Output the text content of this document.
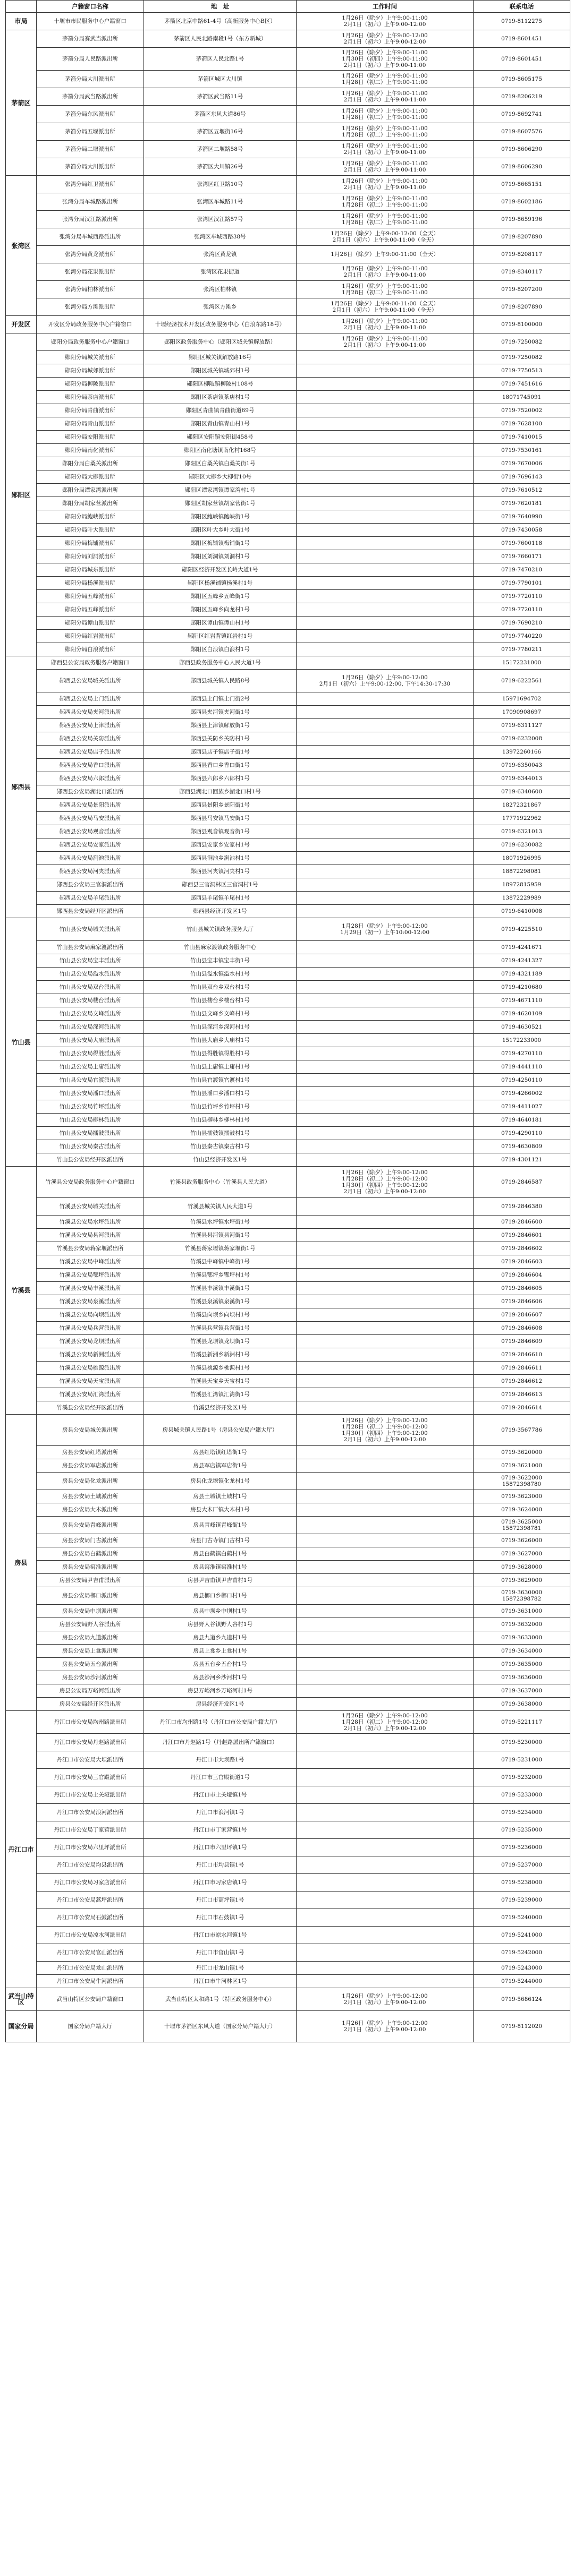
	户籍窗口名称	地　址	工作时间	联系电话
市局	十堰市市民服务中心户籍窗口	茅箭区北京中路61-4号（高新服务中心B区）	1月26日（除夕）上午9:00-11:00
2月1日（初六）上午9:00-12:00	0719-8112275
茅箭区	茅箭分局赛武当派出所	茅箭区人民北路南段1号（东方新城）	1月26日（除夕）上午9:00-12:00
2月1日（初六）上午9:00-12:00	0719-8601451
	茅箭分局人民路派出所	茅箭区人民北路1号	1月26日（除夕）上午9:00-11:00
1月30日（初四）上午9:00-11:00
2月1日（初六）上午9:00-11:00	0719-8601451
	茅箭分局大川派出所	茅箭区城区大川镇	1月26日（除夕）上午9:00-11:00
1月28日（初二）上午9:00-11:00	0719-8605175
	茅箭分局武当路派出所	茅箭区武当路11号	1月26日（除夕）上午9:00-11:00
2月1日（初六）上午9:00-11:00	0719-8206219
	茅箭分局东风派出所	茅箭区东风大道86号	1月26日（除夕）上午9:00-11:00
1月28日（初二）上午9:00-11:00	0719-8692741
	茅箭分局五堰派出所	茅箭区五堰街16号	1月26日（除夕）上午9:00-11:00
1月28日（初二）上午9:00-11:00	0719-8607576
	茅箭分局二堰派出所	茅箭区二堰路58号	1月26日（除夕）上午9:00-11:00
2月1日（初六）上午9:00-11:00	0719-8606290
	茅箭分局大川派出所	茅箭区大川镇26号	1月26日（除夕）上午9:00-11:00
2月1日（初六）上午9:00-11:00	0719-8606290
张湾区	张湾分局红卫派出所	张湾区红卫路10号	1月26日（除夕）上午9:00-11:00
2月1日（初六）上午9:00-11:00	0719-8665151
	张湾分局车城路派出所	张湾区车城路11号	1月26日（除夕）上午9:00-11:00
1月28日（初二）上午9:00-11:00	0719-8602186
	张湾分局汉江路派出所	张湾区汉江路57号	1月26日（除夕）上午9:00-11:00
1月28日（初二）上午9:00-11:00	0719-8659196
	张湾分局车城西路派出所	张湾区车城西路38号	1月26日（除夕）上午9:00-12:00（全天）
2月1日（初六）上午9:00-11:00（全天）	0719-8207890
	张湾分局黄龙派出所	张湾区黄龙镇	1月26日（除夕）上午9:00-11:00（全天）	0719-8208117
	张湾分局花果派出所	张湾区花果街道	1月26日（除夕）上午9:00-11:00
2月1日（初六）上午9:00-11:00	0719-8340117
	张湾分局柏林派出所	张湾区柏林镇	1月26日（除夕）上午9:00-11:00
1月28日（初二）上午9:00-11:00	0719-8207200
	张湾分局方滩派出所	张湾区方滩乡	1月26日（除夕）上午9:00-11:00（全天）
2月1日（初六）上午9:00-11:00（全天）	0719-8207890
开发区	开发区分局政务服务中心户籍窗口	十堰经济技术开发区政务服务中心（白浪东路18号）	1月26日（除夕）上午9:00-11:00
2月1日（初六）上午9:00-11:00	0719-8100000
郧阳区	郧阳分局政务服务中心户籍窗口	郧阳区政务服务中心（郧阳区城关镇解放路）	1月26日（除夕）上午9:00-11:00
2月1日（初六）上午9:00-11:00	0719-7250082
	郧阳分局城关派出所	郧阳区城关镇解放路16号		0719-7250082
	郧阳分局城郊派出所	郧阳区城关镇城郊村1号		0719-7750513
	郧阳分局柳陂派出所	郧阳区柳陂镇柳陂村108号		0719-7451616
	郧阳分局茶店派出所	郧阳区茶店镇茶店村1号		18071745091
	郧阳分局青曲派出所	郧阳区青曲镇青曲街道69号		0719-7520002
	郧阳分局青山派出所	郧阳区青山镇青山村1号		0719-7628100
	郧阳分局安阳派出所	郧阳区安阳镇安阳街458号		0719-7410015
	郧阳分局南化派出所	郧阳区南化塘镇南化村168号		0719-7530161
	郧阳分局白桑关派出所	郧阳区白桑关镇白桑关街1号		0719-7670006
	郧阳分局大柳派出所	郧阳区大柳乡大柳街10号		0719-7696143
	郧阳分局谭家湾派出所	郧阳区谭家湾镇谭家湾村1号		0719-7610512
	郧阳分局胡家营派出所	郧阳区胡家营镇胡家营街1号		0719-7620181
	郧阳分局鲍峡派出所	郧阳区鲍峡镇鲍峡街1号		0719-7640990
	郧阳分局叶大派出所	郧阳区叶大乡叶大街1号		0719-7430058
	郧阳分局梅铺派出所	郧阳区梅铺镇梅铺街1号		0719-7600118
	郧阳分局刘洞派出所	郧阳区刘洞镇刘洞村1号		0719-7660171
	郧阳分局城东派出所	郧阳区经济开发区长岭大道1号		0719-7470210
	郧阳分局杨溪派出所	郧阳区杨溪铺镇杨溪村1号		0719-7790101
	郧阳分局五峰派出所	郧阳区五峰乡五峰街1号		0719-7720110
	郧阳分局五峰派出所	郧阳区五峰乡向龙村1号		0719-7720110
	郧阳分局谭山派出所	郧阳区谭山镇谭山村1号		0719-7690210
	郧阳分局红岩派出所	郧阳区红岩背镇红岩村1号		0719-7740220
	郧阳分局白浪派出所	郧阳区白浪镇白浪村1号		0719-7780211
郧西县	郧西县公安局政务服务户籍窗口	郧西县政务服务中心人民大道1号		15172231000
	郧西县公安局城关派出所	郧西县城关镇人民路8号	1月26日（除夕）上午9:00-12:00
2月1日（初六）上午9:00-12:00, 下午14:30-17:30	0719-6222561
	郧西县公安局土门派出所	郧西县土门镇土门街2号		15971694702
	郧西县公安局夹河派出所	郧西县夹河镇夹河街1号		17090908697
	郧西县公安局上津派出所	郧西县上津镇解放街1号		0719-6311127
	郧西县公安局关防派出所	郧西县关防乡关防村1号		0719-6232008
	郧西县公安局店子派出所	郧西县店子镇店子街1号		13972260166
	郧西县公安局香口派出所	郧西县香口乡香口街1号		0719-6350043
	郧西县公安局六郎派出所	郧西县六郎乡六郎村1号		0719-6344013
	郧西县公安局湖北口派出所	郧西县湖北口回族乡湖北口村1号		0719-6340600
	郧西县公安局景阳派出所	郧西县景阳乡景阳街1号		18272321867
	郧西县公安局马安派出所	郧西县马安镇马安街1号		17771922962
	郧西县公安局观音派出所	郧西县观音镇观音街1号		0719-6321013
	郧西县公安局安家派出所	郧西县安家乡安家村1号		0719-6230082
	郧西县公安局涧池派出所	郧西县涧池乡涧池村1号		18071926995
	郧西县公安局河夹派出所	郧西县河夹镇河夹村1号		18872298081
	郧西县公安局三官洞派出所	郧西县三官洞林区三官洞村1号		18972815959
	郧西县公安局羊尾派出所	郧西县羊尾镇羊尾村1号		13872229989
	郧西县公安局经开区派出所	郧西县经济开发区1号		0719-6410008
竹山县	竹山县公安局城关派出所	竹山县城关镇政务服务大厅	1月28日（除夕）上午9:00-12:00
1月29日（初一）上午10:00-12:00	0719-4225510
	竹山县公安局麻家渡派出所	竹山县麻家渡镇政务服务中心		0719-4241671
	竹山县公安局宝丰派出所	竹山县宝丰镇宝丰街1号		0719-4241327
	竹山县公安局溢水派出所	竹山县溢水镇溢水村1号		0719-4321189
	竹山县公安局双台派出所	竹山县双台乡双台村1号		0719-4210680
	竹山县公安局楼台派出所	竹山县楼台乡楼台村1号		0719-4671110
	竹山县公安局文峰派出所	竹山县文峰乡文峰村1号		0719-4620109
	竹山县公安局深河派出所	竹山县深河乡深河村1号		0719-4630521
	竹山县公安局大庙派出所	竹山县大庙乡大庙村1号		15172233000
	竹山县公安局得胜派出所	竹山县得胜镇得胜村1号		0719-4270110
	竹山县公安局上庸派出所	竹山县上庸镇上庸村1号		0719-4441110
	竹山县公安局官渡派出所	竹山县官渡镇官渡村1号		0719-4250110
	竹山县公安局潘口派出所	竹山县潘口乡潘口村1号		0719-4266002
	竹山县公安局竹坪派出所	竹山县竹坪乡竹坪村1号		0719-4411027
	竹山县公安局柳林派出所	竹山县柳林乡柳林村1号		0719-4640181
	竹山县公安局擂鼓派出所	竹山县擂鼓镇擂鼓村1号		0719-4290110
	竹山县公安局秦古派出所	竹山县秦古镇秦古村1号		0719-4630809
	竹山县公安局经开区派出所	竹山县经济开发区1号		0719-4301121
竹溪县	竹溪县公安局政务服务中心户籍窗口	竹溪县政务服务中心（竹溪县人民大道）	1月26日（除夕）上午9:00-12:00
1月28日（初二）上午9:00-12:00
1月30日（初四）上午9:00-12:00
2月1日（初六）上午9:00-12:00	0719-2846587
	竹溪县公安局城关派出所	竹溪县城关镇人民大道1号		0719-2846380
	竹溪县公安局水坪派出所	竹溪县水坪镇水坪街1号		0719-2846600
	竹溪县公安局县河派出所	竹溪县县河镇县河街1号		0719-2846601
	竹溪县公安局蒋家堰派出所	竹溪县蒋家堰镇蒋家堰街1号		0719-2846602
	竹溪县公安局中峰派出所	竹溪县中峰镇中峰街1号		0719-2846603
	竹溪县公安局鄂坪派出所	竹溪县鄂坪乡鄂坪村1号		0719-2846604
	竹溪县公安局丰溪派出所	竹溪县丰溪镇丰溪街1号		0719-2846605
	竹溪县公安局泉溪派出所	竹溪县泉溪镇泉溪街1号		0719-2846606
	竹溪县公安局向坝派出所	竹溪县向坝乡向坝村1号		0719-2846607
	竹溪县公安局兵营派出所	竹溪县兵营镇兵营街1号		0719-2846608
	竹溪县公安局龙坝派出所	竹溪县龙坝镇龙坝街1号		0719-2846609
	竹溪县公安局新洲派出所	竹溪县新洲乡新洲村1号		0719-2846610
	竹溪县公安局桃源派出所	竹溪县桃源乡桃源村1号		0719-2846611
	竹溪县公安局天宝派出所	竹溪县天宝乡天宝村1号		0719-2846612
	竹溪县公安局汇湾派出所	竹溪县汇湾镇汇湾街1号		0719-2846613
	竹溪县公安局经开区派出所	竹溪县经济开发区1号		0719-2846614
房县	房县公安局城关派出所	房县城关镇人民路1号（房县公安局户籍大厅）	1月26日（除夕）上午9:00-12:00
1月28日（初二）上午9:00-12:00
1月30日（初四）上午9:00-12:00
2月1日（初六）上午9:00-12:00	0719-3567786
	房县公安局红塔派出所	房县红塔镇红塔街1号		0719-3620000
	房县公安局军店派出所	房县军店镇军店街1号		0719-3621000
	房县公安局化龙派出所	房县化龙堰镇化龙村1号		0719-3622000
15872398780
	房县公安局土城派出所	房县土城镇土城村1号		0719-3623000
	房县公安局大木派出所	房县大木厂镇大木村1号		0719-3624000
	房县公安局青峰派出所	房县青峰镇青峰街1号		0719-3625000
15872398781
	房县公安局门古派出所	房县门古寺镇门古村1号		0719-3626000
	房县公安局白鹤派出所	房县白鹤镇白鹤村1号		0719-3627000
	房县公安局窑淮派出所	房县窑淮镇窑淮村1号		0719-3628000
	房县公安局尹吉甫派出所	房县尹吉甫镇尹吉甫村1号		0719-3629000
	房县公安局榔口派出所	房县榔口乡榔口村1号		0719-3630000
15872398782
	房县公安局中坝派出所	房县中坝乡中坝村1号		0719-3631000
	房县公安局野人谷派出所	房县野人谷镇野人谷村1号		0719-3632000
	房县公安局九道派出所	房县九道乡九道村1号		0719-3633000
	房县公安局上龛派出所	房县上龛乡上龛村1号		0719-3634000
	房县公安局五台派出所	房县五台乡五台村1号		0719-3635000
	房县公安局沙河派出所	房县沙河乡沙河村1号		0719-3636000
	房县公安局万峪河派出所	房县万峪河乡万峪河村1号		0719-3637000
	房县公安局经开区派出所	房县经济开发区1号		0719-3638000
丹江口市	丹江口市公安局均州路派出所	丹江口市均州路1号（丹江口市公安局户籍大厅）	1月26日（除夕）上午9:00-12:00
1月28日（初二）上午9:00-12:00
2月1日（初六）上午9:00-12:00	0719-5221117
	丹江口市公安局丹赵路派出所	丹江口市丹赵路1号（丹赵路派出所户籍窗口）		0719-5230000
	丹江口市公安局大坝派出所	丹江口市大坝路1号		0719-5231000
	丹江口市公安局三官殿派出所	丹江口市三官殿街道1号		0719-5232000
	丹江口市公安局土关垭派出所	丹江口市土关垭镇1号		0719-5233000
	丹江口市公安局浪河派出所	丹江口市浪河镇1号		0719-5234000
	丹江口市公安局丁家营派出所	丹江口市丁家营镇1号		0719-5235000
	丹江口市公安局六里坪派出所	丹江口市六里坪镇1号		0719-5236000
	丹江口市公安局均县派出所	丹江口市均县镇1号		0719-5237000
	丹江口市公安局习家店派出所	丹江口市习家店镇1号		0719-5238000
	丹江口市公安局蒿坪派出所	丹江口市蒿坪镇1号		0719-5239000
	丹江口市公安局石鼓派出所	丹江口市石鼓镇1号		0719-5240000
	丹江口市公安局凉水河派出所	丹江口市凉水河镇1号		0719-5241000
	丹江口市公安局官山派出所	丹江口市官山镇1号		0719-5242000
	丹江口市公安局龙山派出所	丹江口市龙山镇1号		0719-5243000
	丹江口市公安局牛河派出所	丹江口市牛河林区1号		0719-5244000
武当山特区	武当山特区公安局户籍窗口	武当山特区太和路1号（特区政务服务中心）	1月26日（除夕）上午9:00-12:00
2月1日（初六）上午9:00-12:00	0719-5686124
国家分局	国家分局户籍大厅	十堰市茅箭区东风大道（国家分局户籍大厅）	1月26日（除夕）上午9:00-12:00
2月1日（初六）上午9:00-12:00	0719-8112020
